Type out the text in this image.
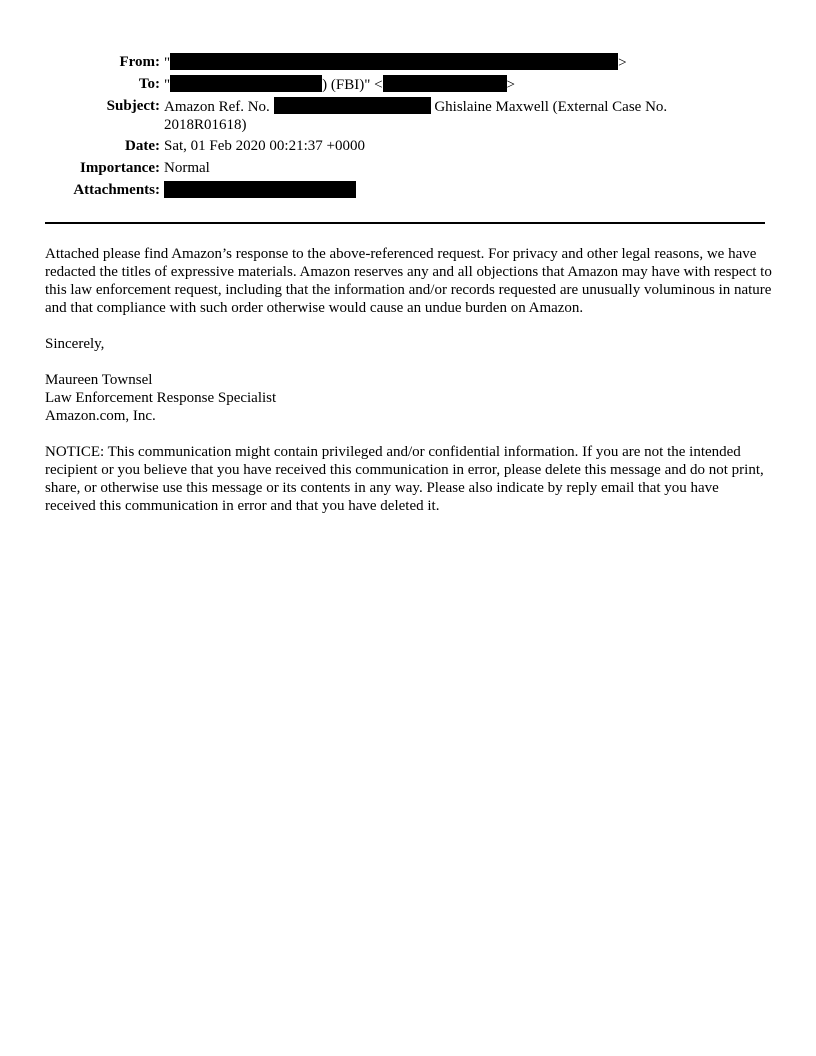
From: "	>
To: "	) (FBI)" <	>
Subject: Amazon Ref. No.	Ghislaine Maxwell (External Case No.
2018R01618)
Date: Sat, 01 Feb 2020 00:21:37 +0000
Importance: Normal
Attachments:

Attached please find Amazon’s response to the above-referenced request. For privacy and other legal reasons, we have redacted the titles of expressive materials. Amazon reserves any and all objections that Amazon may have with respect to this law enforcement request, including that the information and/or records requested are unusually voluminous in nature and that compliance with such order otherwise would cause an undue burden on Amazon.

Sincerely,

Maureen Townsel
Law Enforcement Response Specialist
Amazon.com, Inc.

NOTICE: This communication might contain privileged and/or confidential information. If you are not the intended recipient or you believe that you have received this communication in error, please delete this message and do not print, share, or otherwise use this message or its contents in any way. Please also indicate by reply email that you have received this communication in error and that you have deleted it.
